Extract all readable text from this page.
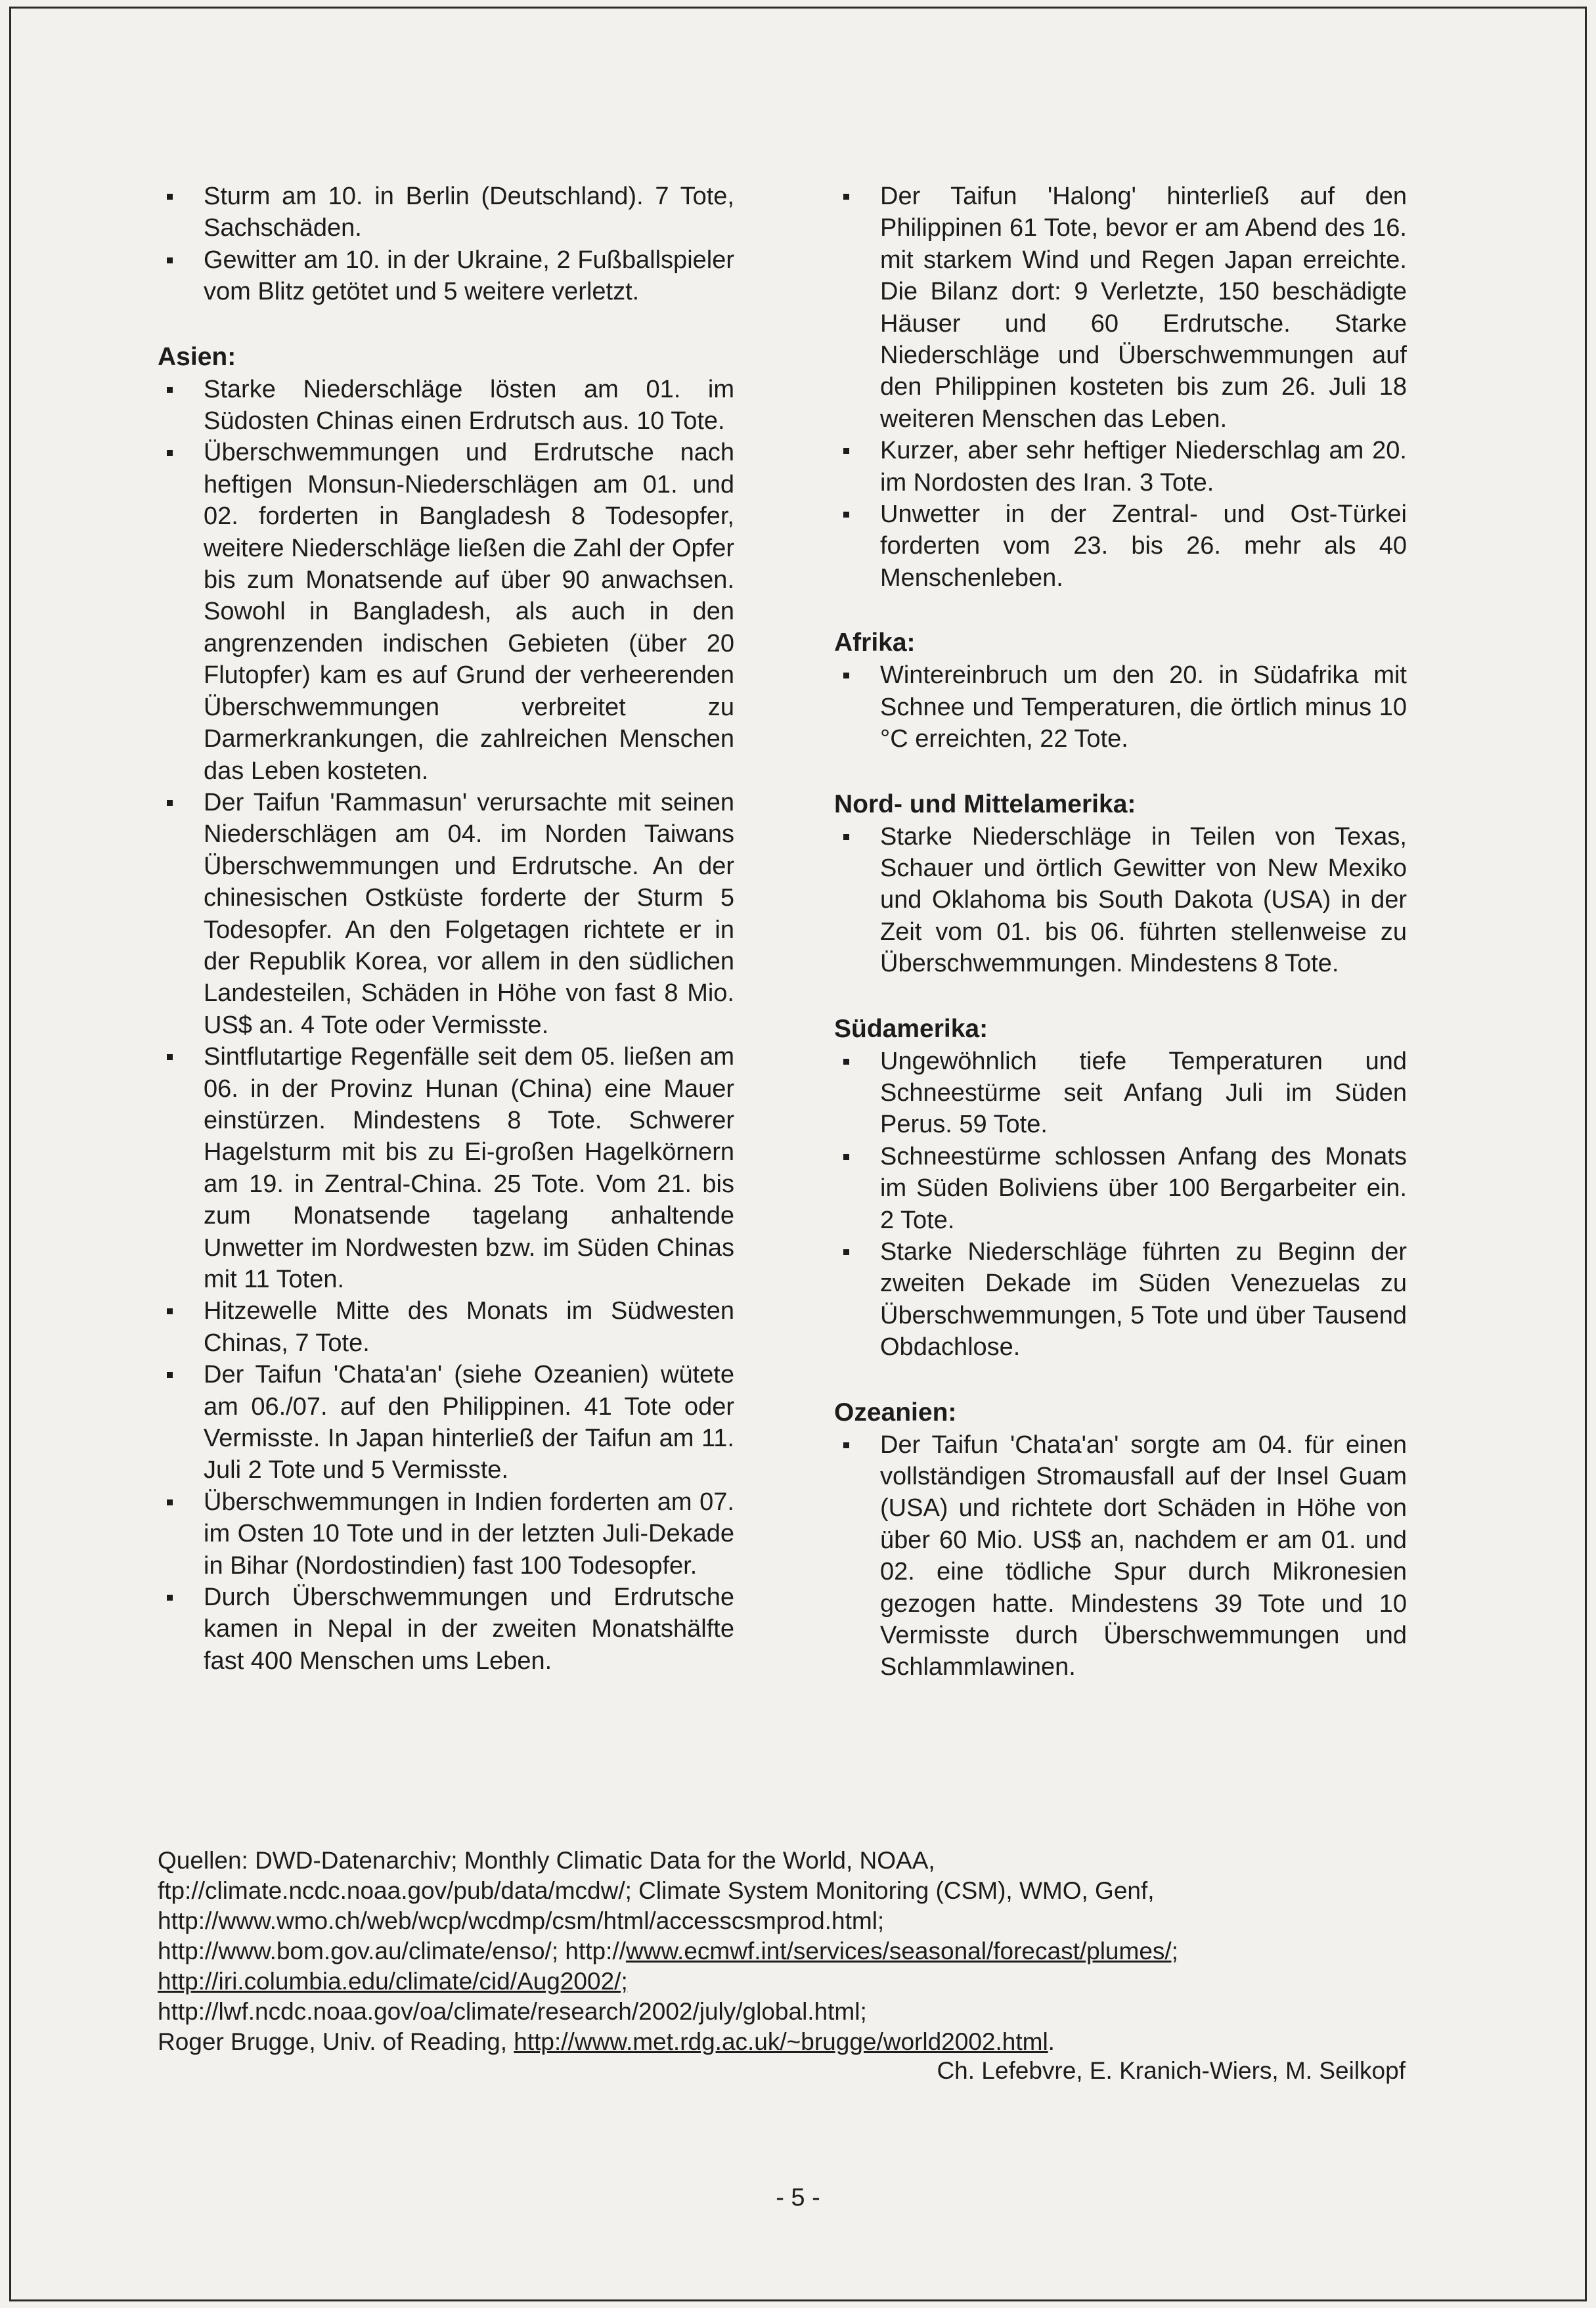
Sturm am 10. in Berlin (Deutschland). 7 Tote, Sachschäden.
Gewitter am 10. in der Ukraine, 2 Fußballspieler vom Blitz getötet und 5 weitere verletzt.
Asien:
Starke Niederschläge lösten am 01. im Südosten Chinas einen Erdrutsch aus. 10 Tote.
Überschwemmungen und Erdrutsche nach heftigen Monsun-Niederschlägen am 01. und 02. forderten in Bangladesh 8 Todesopfer, weitere Niederschläge ließen die Zahl der Opfer bis zum Monatsende auf über 90 anwachsen. Sowohl in Bangladesh, als auch in den angrenzenden indischen Gebieten (über 20 Flutopfer) kam es auf Grund der verheerenden Überschwemmungen verbreitet zu Darmerkrankungen, die zahlreichen Menschen das Leben kosteten.
Der Taifun 'Rammasun' verursachte mit seinen Niederschlägen am 04. im Norden Taiwans Überschwemmungen und Erdrutsche. An der chinesischen Ostküste forderte der Sturm 5 Todesopfer. An den Folgetagen richtete er in der Republik Korea, vor allem in den südlichen Landesteilen, Schäden in Höhe von fast 8 Mio. US$ an. 4 Tote oder Vermisste.
Sintflutartige Regenfälle seit dem 05. ließen am 06. in der Provinz Hunan (China) eine Mauer einstürzen. Mindestens 8 Tote. Schwerer Hagelsturm mit bis zu Ei-großen Hagelkörnern am 19. in Zentral-China. 25 Tote. Vom 21. bis zum Monatsende tagelang anhaltende Unwetter im Nordwesten bzw. im Süden Chinas mit 11 Toten.
Hitzewelle Mitte des Monats im Südwesten Chinas, 7 Tote.
Der Taifun 'Chata'an' (siehe Ozeanien) wütete am 06./07. auf den Philippinen. 41 Tote oder Vermisste. In Japan hinterließ der Taifun am 11. Juli 2 Tote und 5 Vermisste.
Überschwemmungen in Indien forderten am 07. im Osten 10 Tote und in der letzten Juli-Dekade in Bihar (Nordostindien) fast 100 Todesopfer.
Durch Überschwemmungen und Erdrutsche kamen in Nepal in der zweiten Monatshälfte fast 400 Menschen ums Leben.
Der Taifun 'Halong' hinterließ auf den Philippinen 61 Tote, bevor er am Abend des 16. mit starkem Wind und Regen Japan erreichte. Die Bilanz dort: 9 Verletzte, 150 beschädigte Häuser und 60 Erdrutsche. Starke Niederschläge und Überschwemmungen auf den Philippinen kosteten bis zum 26. Juli 18 weiteren Menschen das Leben.
Kurzer, aber sehr heftiger Niederschlag am 20. im Nordosten des Iran. 3 Tote.
Unwetter in der Zentral- und Ost-Türkei forderten vom 23. bis 26. mehr als 40 Menschenleben.
Afrika:
Wintereinbruch um den 20. in Südafrika mit Schnee und Temperaturen, die örtlich minus 10 °C erreichten, 22 Tote.
Nord- und Mittelamerika:
Starke Niederschläge in Teilen von Texas, Schauer und örtlich Gewitter von New Mexiko und Oklahoma bis South Dakota (USA) in der Zeit vom 01. bis 06. führten stellenweise zu Überschwemmungen. Mindestens 8 Tote.
Südamerika:
Ungewöhnlich tiefe Temperaturen und Schneestürme seit Anfang Juli im Süden Perus. 59 Tote.
Schneestürme schlossen Anfang des Monats im Süden Boliviens über 100 Bergarbeiter ein. 2 Tote.
Starke Niederschläge führten zu Beginn der zweiten Dekade im Süden Venezuelas zu Überschwemmungen, 5 Tote und über Tausend Obdachlose.
Ozeanien:
Der Taifun 'Chata'an' sorgte am 04. für einen vollständigen Stromausfall auf der Insel Guam (USA) und richtete dort Schäden in Höhe von über 60 Mio. US$ an, nachdem er am 01. und 02. eine tödliche Spur durch Mikronesien gezogen hatte. Mindestens 39 Tote und 10 Vermisste durch Überschwemmungen und Schlammlawinen.

Quellen: DWD-Datenarchiv; Monthly Climatic Data for the World, NOAA,

ftp://climate.ncdc.noaa.gov/pub/data/mcdw/; Climate System Monitoring (CSM), WMO, Genf,

http://www.wmo.ch/web/wcp/wcdmp/csm/html/accesscsmprod.html;

http://www.bom.gov.au/climate/enso/; http://www.ecmwf.int/services/seasonal/forecast/plumes/;

http://iri.columbia.edu/climate/cid/Aug2002/;

http://lwf.ncdc.noaa.gov/oa/climate/research/2002/july/global.html;

Roger Brugge, Univ. of Reading, http://www.met.rdg.ac.uk/~brugge/world2002.html.

Ch. Lefebvre, E. Kranich-Wiers, M. Seilkopf
- 5 -
